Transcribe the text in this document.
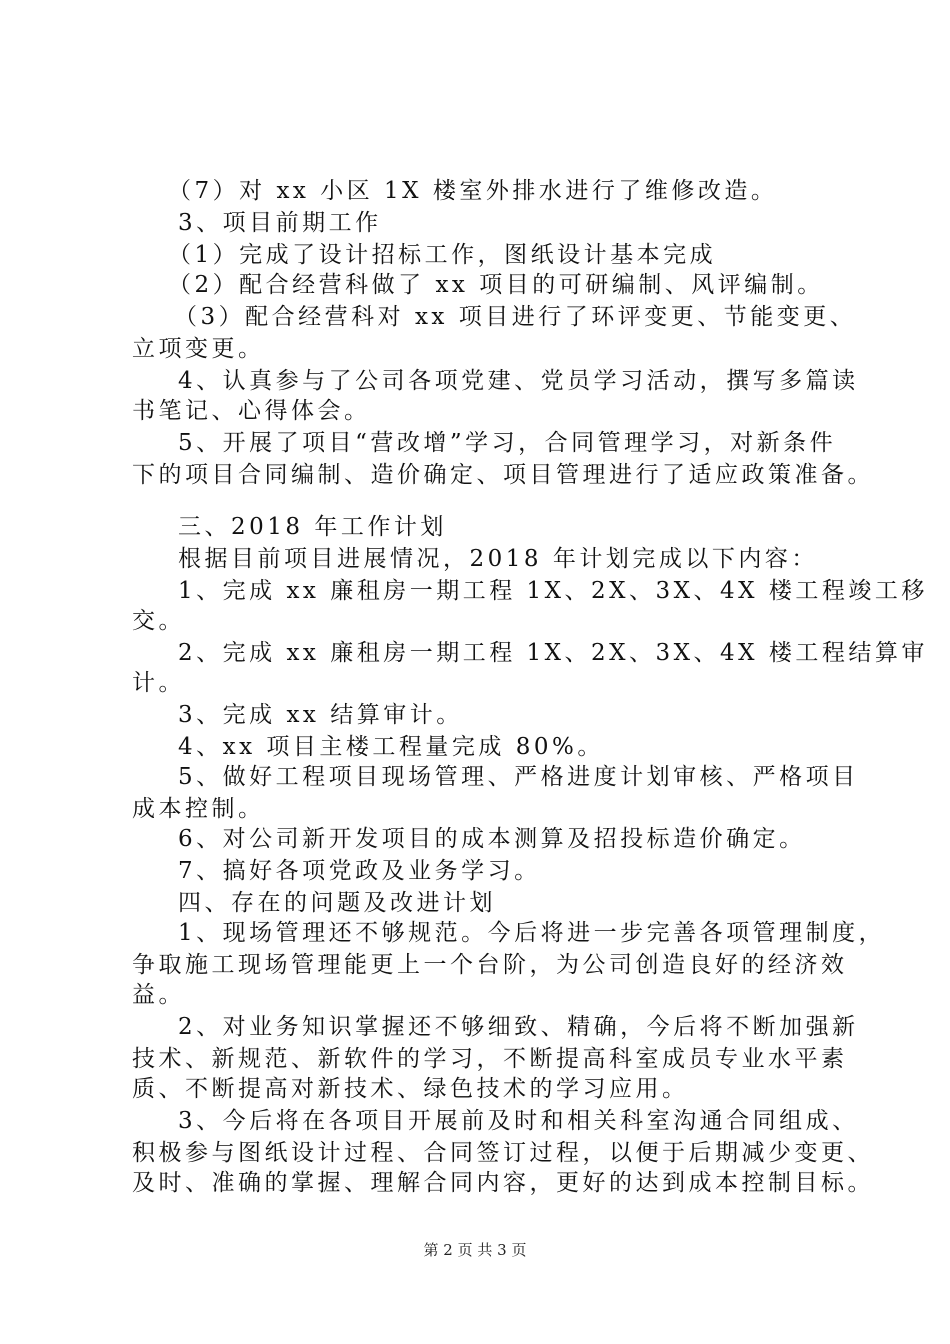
（7）对 xx 小区 1X 楼室外排水进行了维修改造。
3、项目前期工作
（1）完成了设计招标工作，图纸设计基本完成
（2）配合经营科做了 xx 项目的可研编制、风评编制。
（3）配合经营科对 xx 项目进行了环评变更、节能变更、
立项变更。
4、认真参与了公司各项党建、党员学习活动，撰写多篇读
书笔记、心得体会。
5、开展了项目“营改增”学习，合同管理学习，对新条件
下的项目合同编制、造价确定、项目管理进行了适应政策准备。
三、2018 年工作计划
根据目前项目进展情况，2018 年计划完成以下内容：
1、完成 xx 廉租房一期工程 1X、2X、3X、4X 楼工程竣工移
交。
2、完成 xx 廉租房一期工程 1X、2X、3X、4X 楼工程结算审
计。
3、完成 xx 结算审计。
4、xx 项目主楼工程量完成 80%。
5、做好工程项目现场管理、严格进度计划审核、严格项目
成本控制。
6、对公司新开发项目的成本测算及招投标造价确定。
7、搞好各项党政及业务学习。
四、存在的问题及改进计划
1、现场管理还不够规范。今后将进一步完善各项管理制度，
争取施工现场管理能更上一个台阶，为公司创造良好的经济效
益。
2、对业务知识掌握还不够细致、精确，今后将不断加强新
技术、新规范、新软件的学习，不断提高科室成员专业水平素
质、不断提高对新技术、绿色技术的学习应用。
3、今后将在各项目开展前及时和相关科室沟通合同组成、
积极参与图纸设计过程、合同签订过程，以便于后期减少变更、
及时、准确的掌握、理解合同内容，更好的达到成本控制目标。
第 2 页 共 3 页
